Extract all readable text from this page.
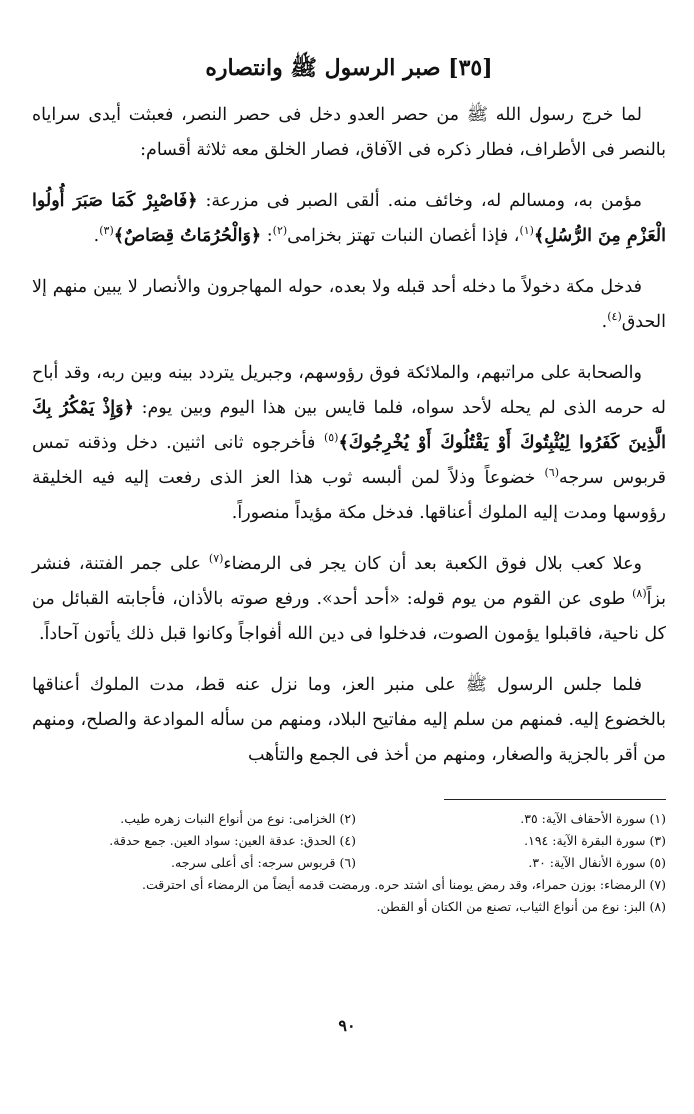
[٣٥] صبر الرسول ﷺ وانتصاره

لما خرج رسول الله ﷺ من حصر العدو دخل فى حصر النصر، فعبثت أيدى سراياه بالنصر فى الأطراف، فطار ذكره فى الآفاق، فصار الخلق معه ثلاثة أقسام:

مؤمن به، ومسالم له، وخائف منه. ألقى الصبر فى مزرعة: ﴿فَاصْبِرْ كَمَا صَبَرَ أُولُوا الْعَزْمِ مِنَ الرُّسُلِ﴾$^{(١)}$، فإذا أغصان النبات تهتز بخزامى$^{(٢)}$: ﴿وَالْحُرُمَاتُ قِصَاصٌ﴾$^{(٣)}$.

فدخل مكة دخولاً ما دخله أحد قبله ولا بعده، حوله المهاجرون والأنصار لا يبين منهم إلا الحدق$^{(٤)}$.

والصحابة على مراتبهم، والملائكة فوق رؤوسهم، وجبريل يتردد بينه وبين ربه، وقد أباح له حرمه الذى لم يحله لأحد سواه، فلما قايس بين هذا اليوم وبين يوم: ﴿وَإِذْ يَمْكُرُ بِكَ الَّذِينَ كَفَرُوا لِيُثْبِتُوكَ أَوْ يَقْتُلُوكَ أَوْ يُخْرِجُوكَ﴾$^{(٥)}$ فأخرجوه ثانى اثنين. دخل وذقنه تمس قربوس سرجه$^{(٦)}$ خضوعاً وذلاً لمن ألبسه ثوب هذا العز الذى رفعت إليه فيه الخليقة رؤوسها ومدت إليه الملوك أعناقها. فدخل مكة مؤيداً منصوراً.

وعلا كعب بلال فوق الكعبة بعد أن كان يجر فى الرمضاء$^{(٧)}$ على جمر الفتنة، فنشر بزاً$^{(٨)}$ طوى عن القوم من يوم قوله: «أحد أحد». ورفع صوته بالأذان، فأجابته القبائل من كل ناحية، فاقبلوا يؤمون الصوت، فدخلوا فى دين الله أفواجاً وكانوا قبل ذلك يأتون آحاداً.

فلما جلس الرسول ﷺ على منبر العز، وما نزل عنه قط، مدت الملوك أعناقها بالخضوع إليه. فمنهم من سلم إليه مفاتيح البلاد، ومنهم من سأله الموادعة والصلح، ومنهم من أقر بالجزية والصغار، ومنهم من أخذ فى الجمع والتأهب

(١) سورة الأحقاف الآية: ٣٥.
(٢) الخزامى: نوع من أنواع النبات زهره طيب.
(٣) سورة البقرة الآية: ١٩٤.
(٤) الحدق: عدقة العين: سواد العين. جمع حدقة.
(٥) سورة الأنفال الآية: ٣٠.
(٦) قربوس سرجه: أى أعلى سرجه.
(٧) الرمضاء: بوزن حمراء، وقد رمض يومنا أى اشتد حره. ورمضت قدمه أيضاً من الرمضاء أى احترقت.
(٨) البز: نوع من أنواع الثياب، تصنع من الكتان أو القطن.
٩٠
